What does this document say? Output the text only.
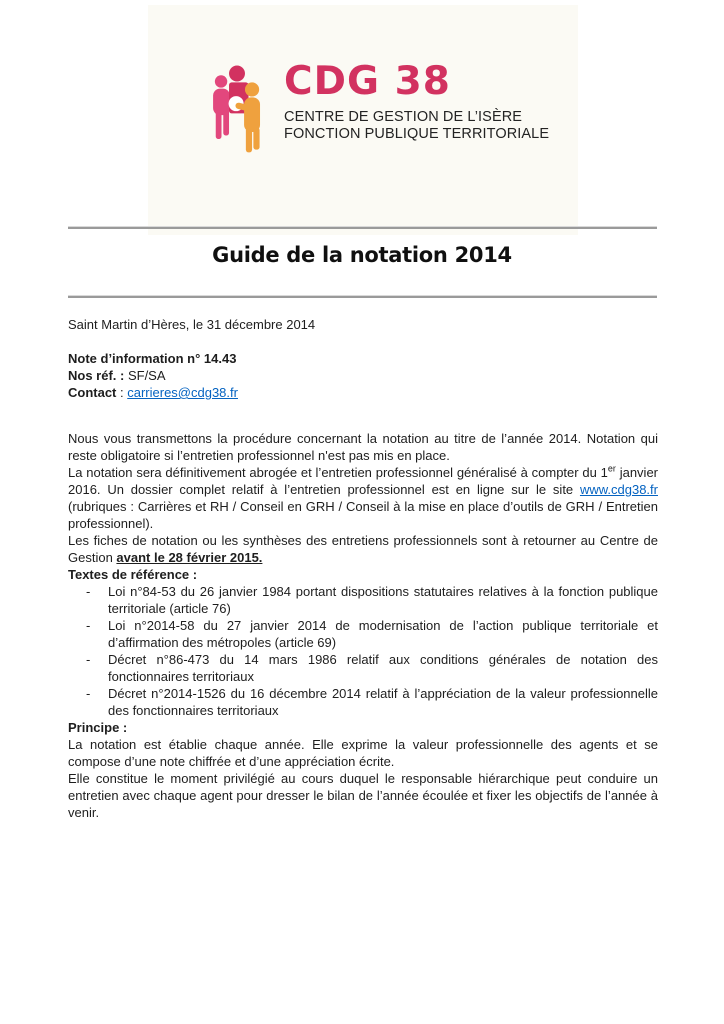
CDG 38
CENTRE DE GESTION DE L’ISÈRE
FONCTION PUBLIQUE TERRITORIALE
Guide de la notation 2014

Saint Martin d’Hères, le 31 décembre 2014

Note d’information n° 14.43

Nos réf. : SF/SA

Contact : carrieres@cdg38.fr

Nous vous transmettons la procédure concernant la notation au titre de l’année 2014. Notation qui reste obligatoire si l’entretien professionnel n'est pas mis en place.

La notation sera définitivement abrogée et l’entretien professionnel généralisé à compter du 1er janvier 2016. Un dossier complet relatif à l’entretien professionnel est en ligne sur le site www.cdg38.fr (rubriques : Carrières et RH / Conseil en GRH / Conseil à la mise en place d’outils de GRH / Entretien professionnel).

Les fiches de notation ou les synthèses des entretiens professionnels sont à retourner au Centre de Gestion avant le 28 février 2015.

Textes de référence :

-	Loi n°84-53 du 26 janvier 1984 portant dispositions statutaires relatives à la fonction publique territoriale (article 76)
-	Loi n°2014-58 du 27 janvier 2014 de modernisation de l’action publique territoriale et d’affirmation des métropoles (article 69)
-	Décret n°86-473 du 14 mars 1986 relatif aux conditions générales de notation des fonctionnaires territoriaux
-	Décret n°2014-1526 du 16 décembre 2014 relatif à l’appréciation de la valeur professionnelle des fonctionnaires territoriaux

Principe :

La notation est établie chaque année. Elle exprime la valeur professionnelle des agents et se compose d’une note chiffrée et d’une appréciation écrite.

Elle constitue le moment privilégié au cours duquel le responsable hiérarchique peut conduire un entretien avec chaque agent pour dresser le bilan de l’année écoulée et fixer les objectifs de l’année à venir.
